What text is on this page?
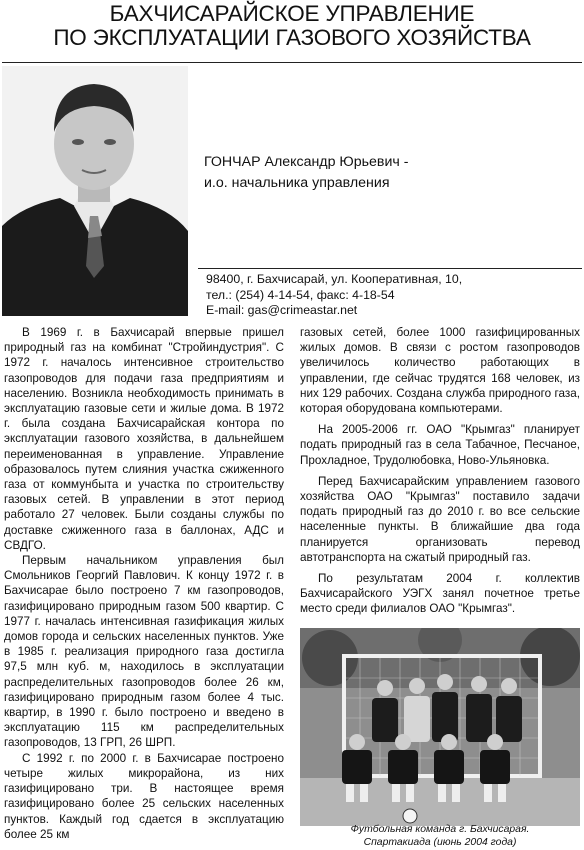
БАХЧИСАРАЙСКОЕ УПРАВЛЕНИЕ
ПО ЭКСПЛУАТАЦИИ ГАЗОВОГО ХОЗЯЙСТВА
ГОНЧАР Александр Юрьевич -
и.о. начальника управления
98400, г. Бахчисарай, ул. Кооперативная, 10,
тел.: (254) 4-14-54, факс: 4-18-54
E-mail: gas@crimeastar.net

В 1969 г. в Бахчисарай впервые пришел природный газ на комбинат "Стройиндустрия". С 1972 г. началось интенсивное строительство газопроводов для подачи газа предприятиям и населению. Возникла необходимость принимать в эксплуатацию газовые сети и жилые дома. В 1972 г. была создана Бахчисарайская контора по эксплуатации газового хозяйства, в дальнейшем переименованная в управление. Управление образовалось путем слияния участка сжиженного газа от коммунбыта и участка по строительству газовых сетей. В управлении в этот период работало 27 человек. Были созданы службы по доставке сжиженного газа в баллонах, АДС и СВДГО.

Первым начальником управления был Смольников Георгий Павлович. К концу 1972 г. в Бахчисарае было построено 7 км газопроводов, газифицировано природным газом 500 квартир. С 1977 г. началась интенсивная газификация жилых домов города и сельских населенных пунктов. Уже в 1985 г. реализация природного газа достигла 97,5 млн куб. м, находилось в эксплуатации распределительных газопроводов более 26 км, газифицировано природным газом более 4 тыс. квартир, в 1990 г. было построено и введено в эксплуатацию 115 км распределительных газопроводов, 13 ГРП, 26 ШРП.

С 1992 г. по 2000 г. в Бахчисарае построено четыре жилых микрорайона, из них газифицировано три. В настоящее время газифицировано более 25 сельских населенных пунктов. Каждый год сдается в эксплуатацию более 25 км

газовых сетей, более 1000 газифицированных жилых домов. В связи с ростом газопроводов увеличилось количество работающих в управлении, где сейчас трудятся 168 человек, из них 129 рабочих. Создана служба природного газа, которая оборудована компьютерами.

На 2005-2006 гг. ОАО "Крымгаз" планирует подать природный газ в села Табачное, Песчаное, Прохладное, Трудолюбовка, Ново-Ульяновка.

Перед Бахчисарайским управлением газового хозяйства ОАО "Крымгаз" поставило задачи подать природный газ до 2010 г. во все сельские населенные пункты. В ближайшие два года планируется организовать перевод автотранспорта на сжатый природный газ.

По результатам 2004 г. коллектив Бахчисарайского УЭГХ занял почетное третье место среди филиалов ОАО "Крымгаз".

Футбольная команда г. Бахчисарая.
Спартакиада (июнь 2004 года)
